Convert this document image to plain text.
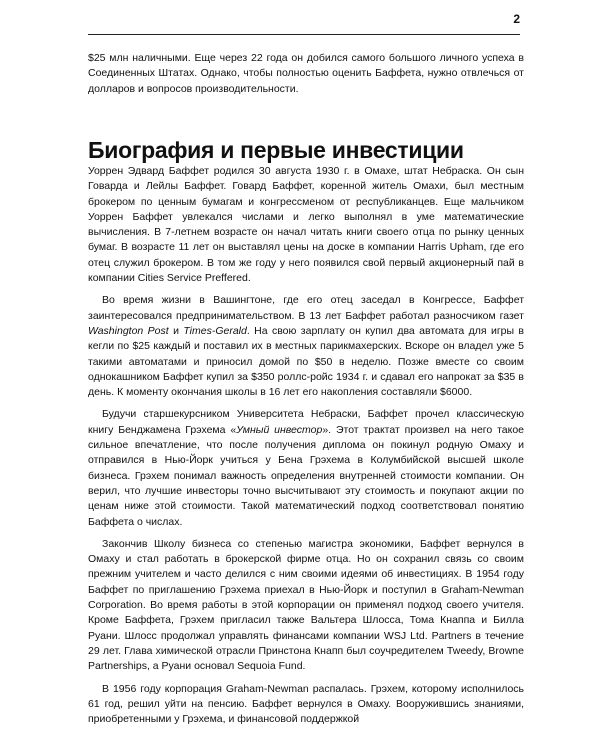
2

$25 млн наличными. Еще через 22 года он добился самого большого личного успеха в Соединенных Штатах. Однако, чтобы полностью оценить Баффета, нужно отвлечься от долларов и вопросов производительности.

Биография и первые инвестиции

Уоррен Эдвард Баффет родился 30 августа 1930 г. в Омахе, штат Небраска. Он сын Говарда и Лейлы Баффет. Говард Баффет, коренной житель Омахи, был местным брокером по ценным бумагам и конгрессменом от республиканцев. Еще мальчиком Уоррен Баффет увлекался числами и легко выполнял в уме математические вычисления. В 7-летнем возрасте он начал читать книги своего отца по рынку ценных бумаг. В возрасте 11 лет он выставлял цены на доске в компании Harris Upham, где его отец служил брокером. В том же году у него появился свой первый акционерный пай в компании Cities Service Preffered.

Во время жизни в Вашингтоне, где его отец заседал в Конгрессе, Баффет заинтересовался предпринимательством. В 13 лет Баффет работал разносчиком газет Washington Post и Times-Gerald. На свою зарплату он купил два автомата для игры в кегли по $25 каждый и поставил их в местных парикмахерских. Вскоре он владел уже 5 такими автоматами и приносил домой по $50 в неделю. Позже вместе со своим однокашником Баффет купил за $350 роллс-ройс 1934 г. и сдавал его напрокат за $35 в день. К моменту окончания школы в 16 лет его накопления составляли $6000.

Будучи старшекурсником Университета Небраски, Баффет прочел классическую книгу Бенджамена Грэхема «Умный инвестор». Этот трактат произвел на него такое сильное впечатление, что после получения диплома он покинул родную Омаху и отправился в Нью-Йорк учиться у Бена Грэхема в Колумбийской высшей школе бизнеса. Грэхем понимал важность определения внутренней стоимости компании. Он верил, что лучшие инвесторы точно высчитывают эту стоимость и покупают акции по ценам ниже этой стоимости. Такой математический подход соответствовал понятию Баффета о числах.

Закончив Школу бизнеса со степенью магистра экономики, Баффет вернулся в Омаху и стал работать в брокерской фирме отца. Но он сохранил связь со своим прежним учителем и часто делился с ним своими идеями об инвестициях. В 1954 году Баффет по приглашению Грэхема приехал в Нью-Йорк и поступил в Graham-Newman Corporation. Во время работы в этой корпорации он применял подход своего учителя. Кроме Баффета, Грэхем пригласил также Вальтера Шлосса, Тома Кнаппа и Билла Руани. Шлосс продолжал управлять финансами компании WSJ Ltd. Partners в течение 29 лет. Глава химической отрасли Принстона Кнапп был соучредителем Tweedy, Browne Partnerships, а Руани основал Sequoia Fund.

В 1956 году корпорация Graham-Newman распалась. Грэхем, которому исполнилось 61 год, решил уйти на пенсию. Баффет вернулся в Омаху. Вооружившись знаниями, приобретенными у Грэхема, и финансовой поддержкой
